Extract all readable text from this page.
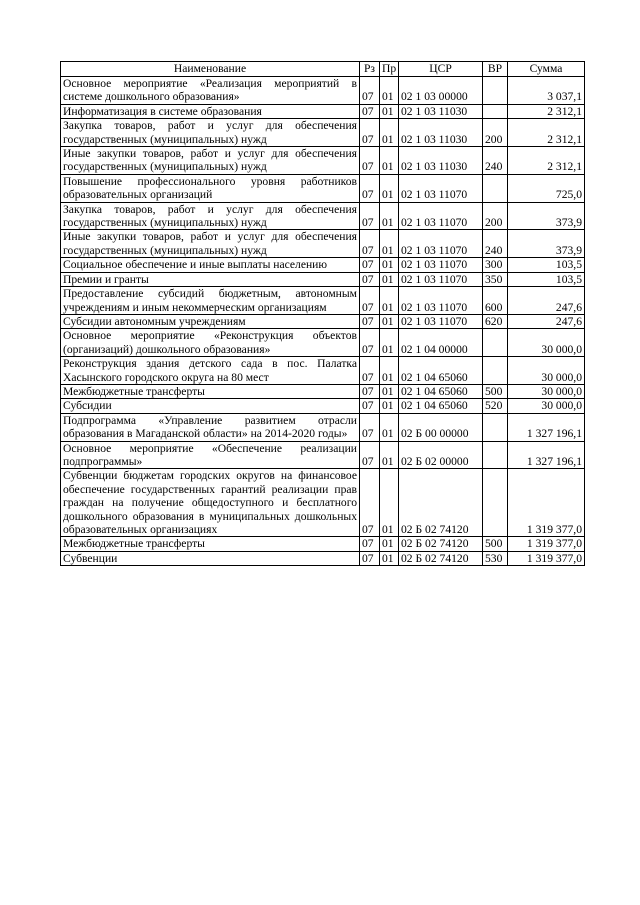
Наименование	Рз	Пр	ЦСР	ВР	Сумма
Основное мероприятие «Реализация мероприятий в системе дошкольного образования»	07	01	02 1 03 00000		3 037,1
Информатизация в системе образования	07	01	02 1 03 11030		2 312,1
Закупка товаров, работ и услуг для обеспечения государственных (муниципальных) нужд	07	01	02 1 03 11030	200	2 312,1
Иные закупки товаров, работ и услуг для обеспечения государственных (муниципальных) нужд	07	01	02 1 03 11030	240	2 312,1
Повышение профессионального уровня работников образовательных организаций	07	01	02 1 03 11070		725,0
Закупка товаров, работ и услуг для обеспечения государственных (муниципальных) нужд	07	01	02 1 03 11070	200	373,9
Иные закупки товаров, работ и услуг для обеспечения государственных (муниципальных) нужд	07	01	02 1 03 11070	240	373,9
Социальное обеспечение и иные выплаты населению	07	01	02 1 03 11070	300	103,5
Премии и гранты	07	01	02 1 03 11070	350	103,5
Предоставление субсидий бюджетным, автономным учреждениям и иным некоммерческим организациям	07	01	02 1 03 11070	600	247,6
Субсидии автономным учреждениям	07	01	02 1 03 11070	620	247,6
Основное мероприятие «Реконструкция объектов (организаций) дошкольного образования»	07	01	02 1 04 00000		30 000,0
Реконструкция здания детского сада в пос. Палатка Хасынского городского округа на 80 мест	07	01	02 1 04 65060		30 000,0
Межбюджетные трансферты	07	01	02 1 04 65060	500	30 000,0
Субсидии	07	01	02 1 04 65060	520	30 000,0
Подпрограмма «Управление развитием отрасли образования в Магаданской области» на 2014-2020 годы»	07	01	02 Б 00 00000		1 327 196,1
Основное мероприятие «Обеспечение реализации подпрограммы»	07	01	02 Б 02 00000		1 327 196,1
Субвенции бюджетам городских округов на финансовое обеспечение государственных гарантий реализации прав граждан на получение общедоступного и бесплатного дошкольного образования в муниципальных дошкольных образовательных организациях	07	01	02 Б 02 74120		1 319 377,0
Межбюджетные трансферты	07	01	02 Б 02 74120	500	1 319 377,0
Субвенции	07	01	02 Б 02 74120	530	1 319 377,0
